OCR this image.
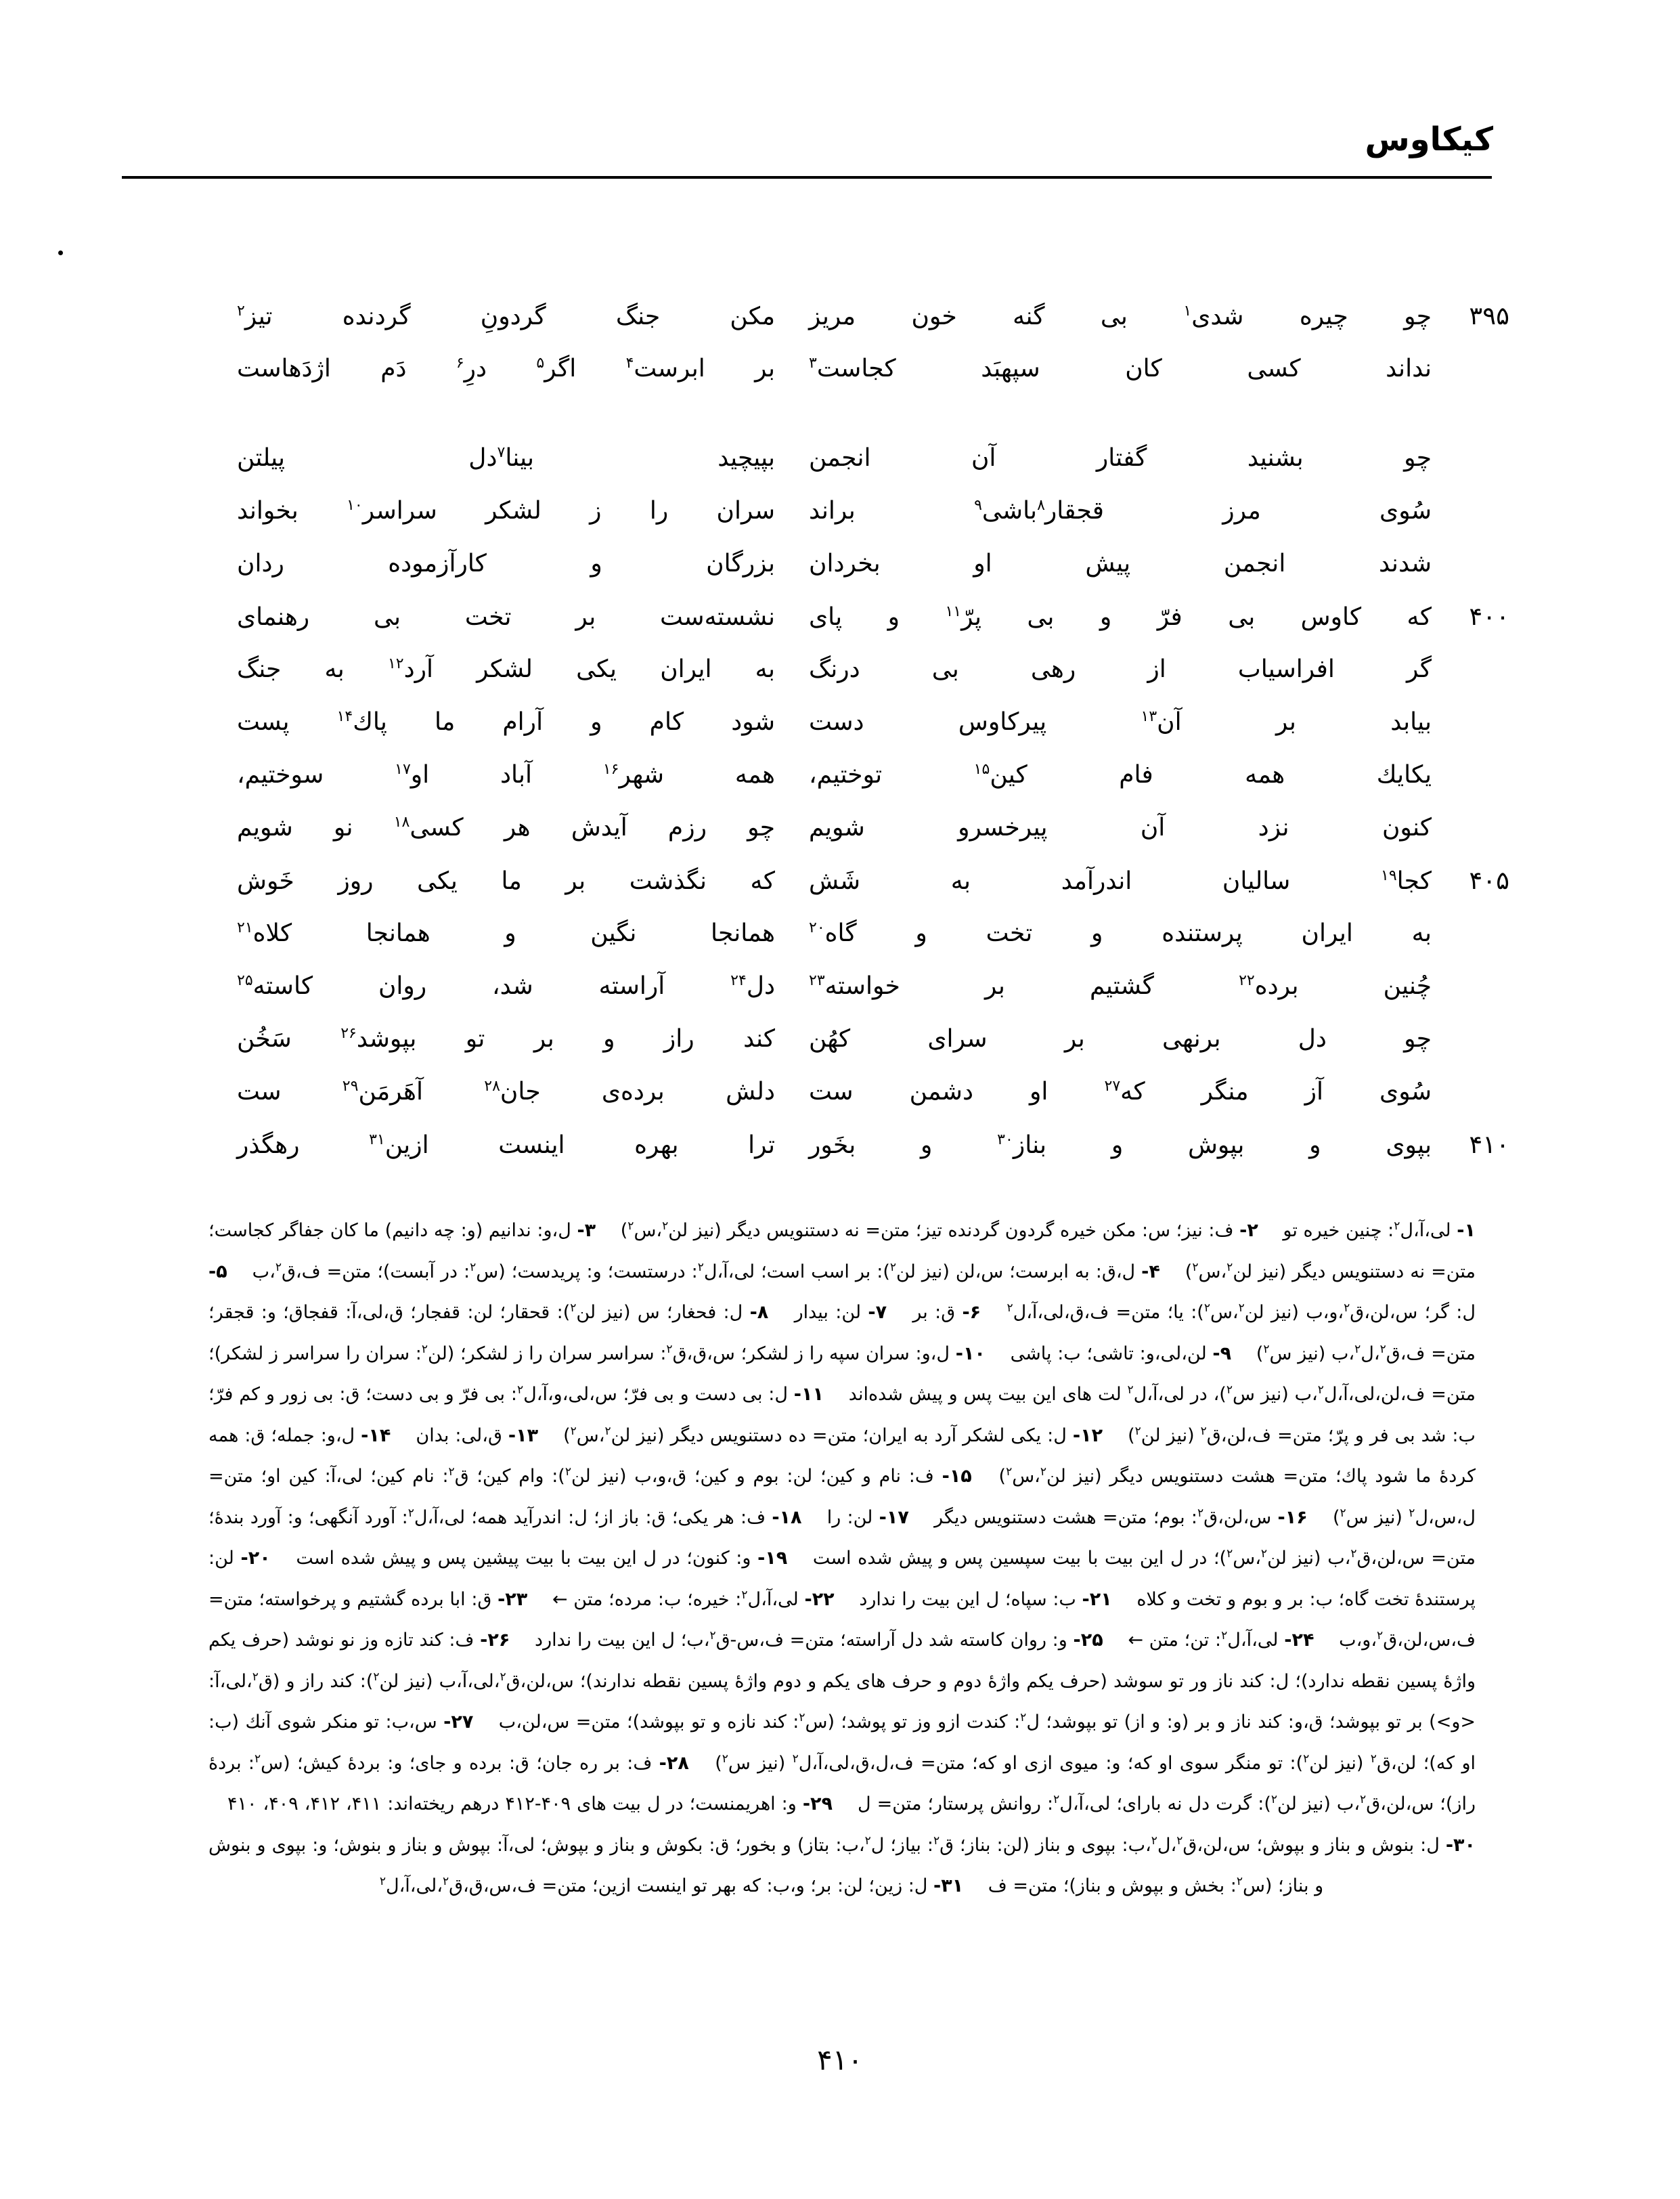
کیکاوس
۳۹۵
چو چیره شدی$^۱$ بی گنه خون مریز
مکن جنگ گردونِ گردنده تیز$^۲$
نداند کسی کان سپهبَد کجاست$^۳$
بر ابرست$^۴$ اگر$^۵$ درِ$^۶$ دَم اژدَهاست
چو بشنید گفتار آن انجمن
بپیچید بینا$^۷$دل پیلتن
سُوی مرز قجقار$^۸$باشی$^۹$ براند
سران را ز لشکر سراسر$^{۱۰}$ بخواند
شدند انجمن پیش او بخردان
بزرگان و کارآزموده ردان
۴۰۰
که کاوس بی فرّ و بی پرّ$^{۱۱}$ و پای
نشسته‌ست بر تخت بی رهنمای
گر افراسیاب از رهی بی درنگ
به ایران یکی لشکر آرد$^{۱۲}$ به جنگ
بیابد بر آن$^{۱۳}$ پیرکاوس دست
شود کام و آرام ما پاك$^{۱۴}$ پست
یکایك همه فام کین$^{۱۵}$ توختیم،
همه شهر$^{۱۶}$ آباد او$^{۱۷}$ سوختیم،
کنون نزد آن پیرخسرو شویم
چو رزم آیدش هر کسی$^{۱۸}$ نو شویم
۴۰۵
کجا$^{۱۹}$ سالیان اندرآمد به شَش
که نگذشت بر ما یکی روز خَوش
به ایران پرستنده و تخت و گاه$^{۲۰}$
همانجا نگین و همانجا کلاه$^{۲۱}$
چُنین برده$^{۲۲}$ گشتیم بر خواسته$^{۲۳}$
دل$^{۲۴}$ آراسته شد، روان کاسته$^{۲۵}$
چو دل برنهی بر سرای کهُن
کند راز و بر تو بپوشد$^{۲۶}$ سَخُن
سُوی آز منگر که$^{۲۷}$ او دشمن ست
دلش برده‌ی جان$^{۲۸}$ آهَرمَن$^{۲۹}$ ست
۴۱۰
بپوی و بپوش و بناز$^{۳۰}$ و بخَور
ترا بهره اینست ازین$^{۳۱}$ رهگذر
۱- لی،آ،ل$^۲$: چنین خیره تو ۲- ف: نیز؛ س: مکن خیره گردون گردنده تیز؛ متن= نه دستنویس دیگر (نیز لن$^۲$،س$^۲$) ۳- ل،و: ندانیم (و: چه دانیم) ما کان جفاگر کجاست؛ متن= نه دستنویس دیگر (نیز لن$^۲$،س$^۲$) ۴- ل،ق: به ابرست؛ س،لن (نیز لن$^۲$): بر اسب است؛ لی،آ،ل$^۲$: درستست؛ و: پریدست؛ (س$^۲$: در آبست)؛ متن= ف،ق$^۲$،ب ۵- ل: گر؛ س،لن،ق$^۲$،و،ب (نیز لن$^۲$،س$^۲$): یا؛ متن= ف،ق،لی،آ،ل$^۲$ ۶- ق: بر ۷- لن: بیدار ۸- ل: فحغار؛ س (نیز لن$^۲$): قحقار؛ لن: قفجار؛ ق،لی،آ: قفجاق؛ و: قجقر؛ متن= ف،ق$^۲$،ل$^۲$،ب (نیز س$^۲$) ۹- لن،لی،و: تاشی؛ ب: پاشی ۱۰- ل،و: سران سپه را ز لشکر؛ س،ق،ق$^۲$: سراسر سران را ز لشکر؛ (لن$^۲$: سران را سراسر ز لشکر)؛ متن= ف،لن،لی،آ،ل$^۲$،ب (نیز س$^۲$)، در لی،آ،ل$^۲$ لت های این بیت پس و پیش شده‌اند ۱۱- ل: بی دست و بی فرّ؛ س،لی،و،آ،ل$^۲$: بی فرّ و بی دست؛ ق: بی زور و کم فرّ؛ ب: شد بی فر و پرّ؛ متن= ف،لن،ق$^۲$ (نیز لن$^۲$) ۱۲- ل: یکی لشکر آرد به ایران؛ متن= ده دستنویس دیگر (نیز لن$^۲$،س$^۲$) ۱۳- ق،لی: بدان ۱۴- ل،و: جمله؛ ق: همه کردهٔ ما شود پاك؛ متن= هشت دستنویس دیگر (نیز لن$^۲$،س$^۲$) ۱۵- ف: نام و کین؛ لن: بوم و کین؛ ق،و،ب (نیز لن$^۲$): وام کین؛ ق$^۲$: نام کین؛ لی،آ: کین او؛ متن= ل،س،ل$^۲$ (نیز س$^۲$) ۱۶- س،لن،ق$^۲$: بوم؛ متن= هشت دستنویس دیگر ۱۷- لن: را ۱۸- ف: هر یکی؛ ق: باز از؛ ل: اندرآید همه؛ لی،آ،ل$^۲$: آورد آنگهی؛ و: آورد بندهٔ؛ متن= س،لن،ق$^۲$،ب (نیز لن$^۲$،س$^۲$)؛ در ل این بیت با بیت سپسین پس و پیش شده است ۱۹- و: کنون؛ در ل این بیت با بیت پیشین پس و پیش شده است ۲۰- لن: پرستندهٔ تخت گاه؛ ب: بر و بوم و تخت و کلاه ۲۱- ب: سپاه؛ ل این بیت را ندارد ۲۲- لی،آ،ل$^۲$: خیره؛ ب: مرده؛ متن ← ۲۳- ق: ابا برده گشتیم و پرخواسته؛ متن= ف،س،لن،ق$^۲$،و،ب ۲۴- لی،آ،ل$^۲$: تن؛ متن ← ۲۵- و: روان کاسته شد دل آراسته؛ متن= ف،س-ق$^۲$،ب؛ ل این بیت را ندارد ۲۶- ف: کند تازه وز نو نوشد (حرف یکم واژهٔ پسین نقطه ندارد)؛ ل: کند ناز ور تو سوشد (حرف یکم واژهٔ دوم و حرف های یکم و دوم واژهٔ پسین نقطه ندارند)؛ س،لن،ق$^۲$،لی،آ،ب (نیز لن$^۲$): کند راز و (ق$^۲$،لی،آ: <و>) بر تو بپوشد؛ ق،و: کند ناز و بر (و: و از) تو بپوشد؛ ل$^۲$: کندت ازو وز تو پوشد؛ (س$^۲$: کند نازه و تو بپوشد)؛ متن= س،لن،ب ۲۷- س،ب: تو منکر شوی آنك (ب: او که)؛ لن،ق$^۲$ (نیز لن$^۲$): تو منگر سوی او که؛ و: میوی ازی او که؛ متن= ف،ل،ق،لی،آ،ل$^۲$ (نیز س$^۲$) ۲۸- ف: بر ره جان؛ ق: برده و جای؛ و: بردهٔ کیش؛ (س$^۲$: بردهٔ راز)؛ س،لن،ق$^۲$،ب (نیز لن$^۲$): گرت دل نه بارای؛ لی،آ،ل$^۲$: روانش پرستار؛ متن= ل ۲۹- و: اهریمنست؛ در ل بیت های ۴۰۹-۴۱۲ درهم ریخته‌اند: ۴۱۱، ۴۱۲، ۴۰۹، ۴۱۰ ۳۰- ل: بنوش و بناز و بپوش؛ س،لن،ق$^۲$،ل$^۲$،ب: بپوی و بناز (لن: بناز؛ ق$^۲$: بیاز؛ ل$^۲$،ب: بتاز) و بخور؛ ق: بکوش و بناز و بپوش؛ لی،آ: بپوش و بناز و بنوش؛ و: بپوی و بنوش و بناز؛ (س$^۲$: بخش و بپوش و بناز)؛ متن= ف ۳۱- ل: زین؛ لن: بر؛ و،ب: که بهر تو اینست ازین؛ متن= ف،س،ق،ق$^۲$،لی،آ،ل$^۲$
۴۱۰
